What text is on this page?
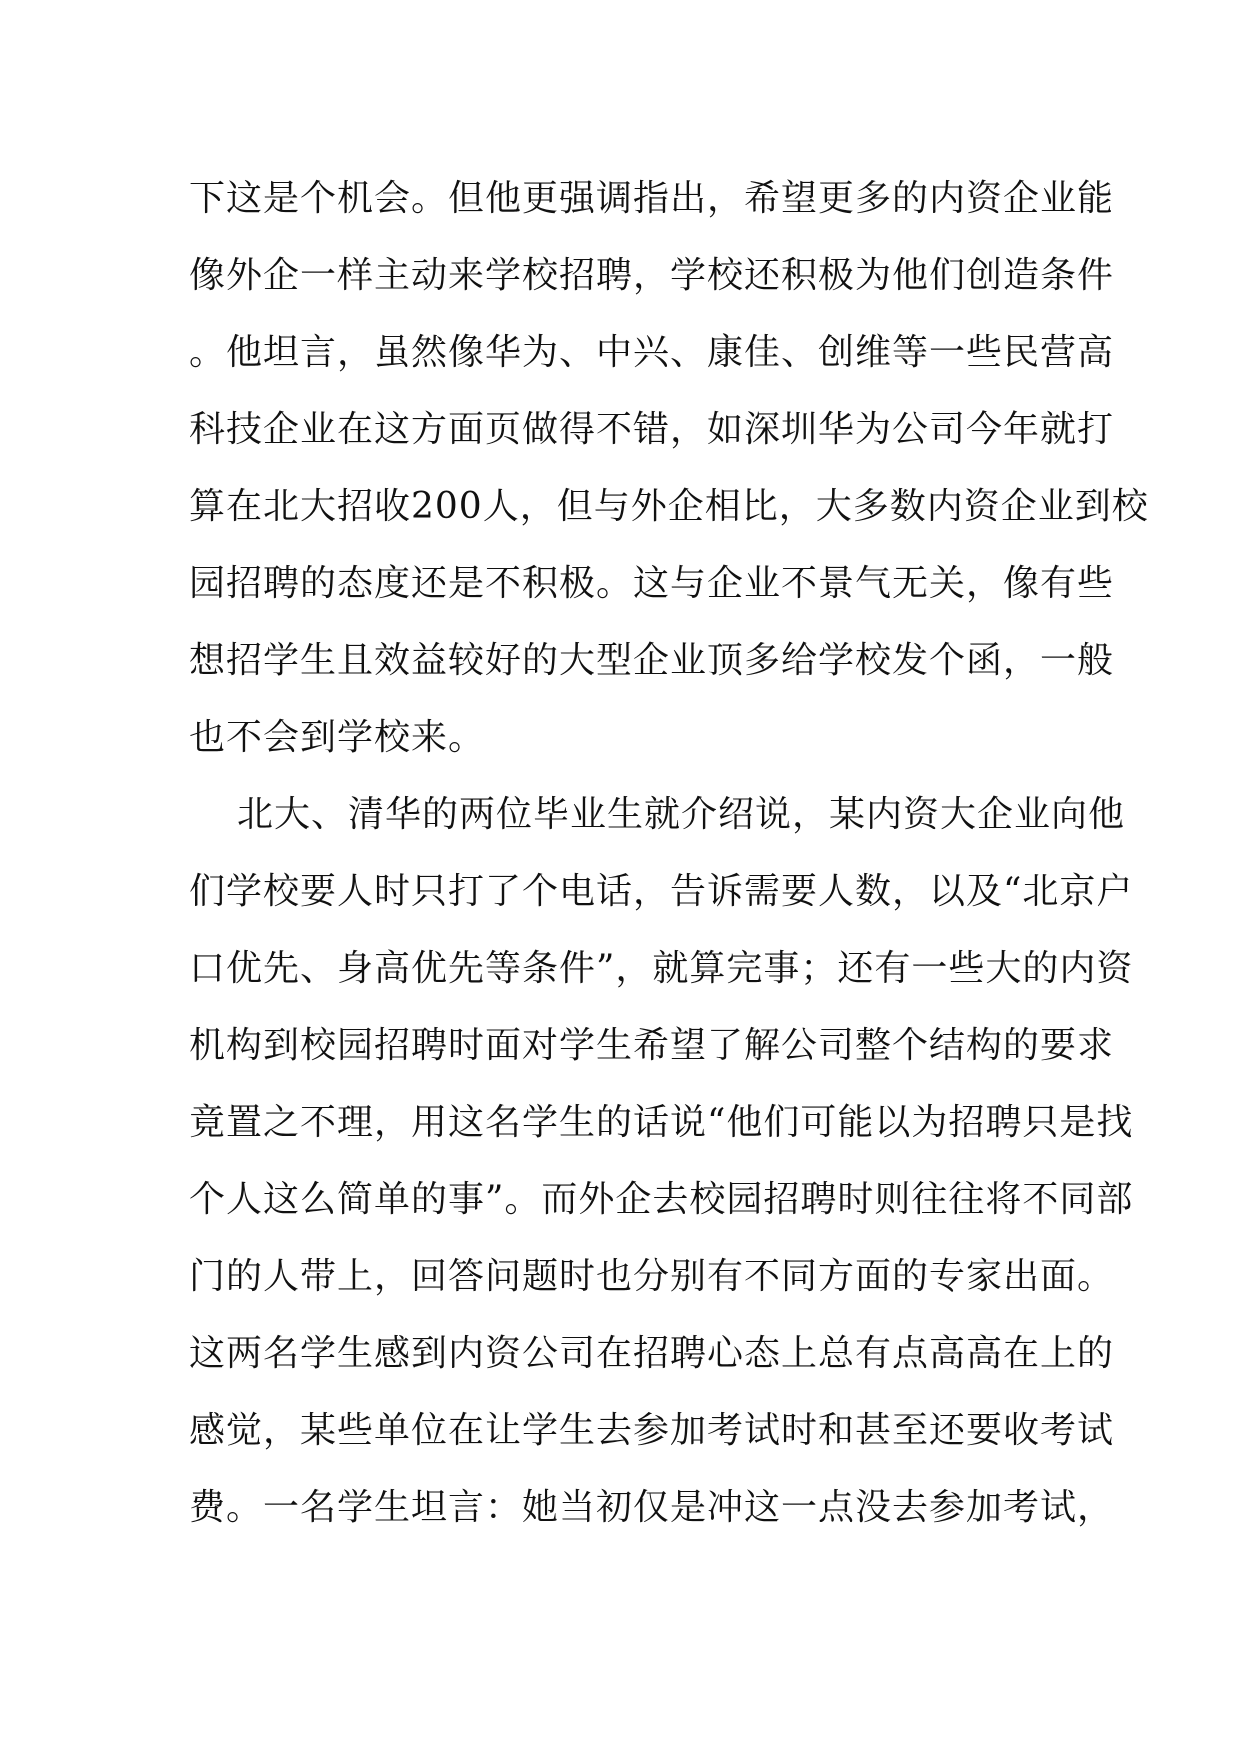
下这是个机会。但他更强调指出，希望更多的内资企业能
像外企一样主动来学校招聘，学校还积极为他们创造条件
。他坦言，虽然像华为、中兴、康佳、创维等一些民营高
科技企业在这方面页做得不错，如深圳华为公司今年就打
算在北大招收200人，但与外企相比，大多数内资企业到校
园招聘的态度还是不积极。这与企业不景气无关，像有些
想招学生且效益较好的大型企业顶多给学校发个函，一般
也不会到学校来。
北大、清华的两位毕业生就介绍说，某内资大企业向他
们学校要人时只打了个电话，告诉需要人数，以及“北京户
口优先、身高优先等条件”，就算完事；还有一些大的内资
机构到校园招聘时面对学生希望了解公司整个结构的要求
竟置之不理，用这名学生的话说“他们可能以为招聘只是找
个人这么简单的事”。而外企去校园招聘时则往往将不同部
门的人带上，回答问题时也分别有不同方面的专家出面。
这两名学生感到内资公司在招聘心态上总有点高高在上的
感觉，某些单位在让学生去参加考试时和甚至还要收考试
费。一名学生坦言：她当初仅是冲这一点没去参加考试，
